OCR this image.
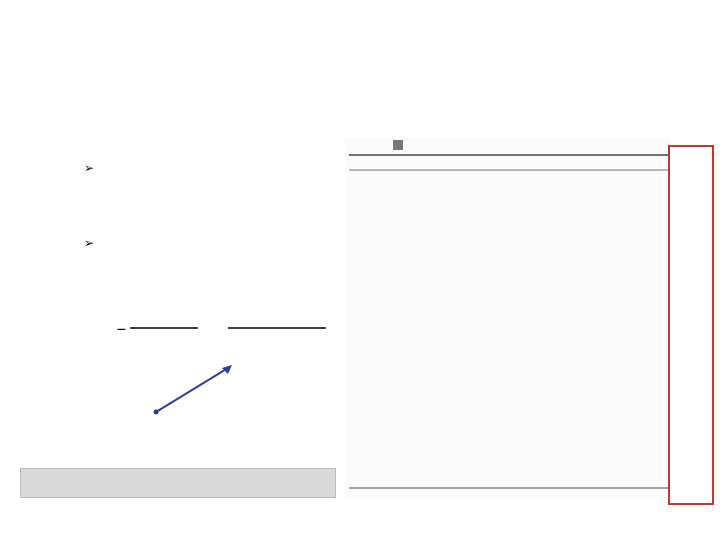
➢
➢
−
